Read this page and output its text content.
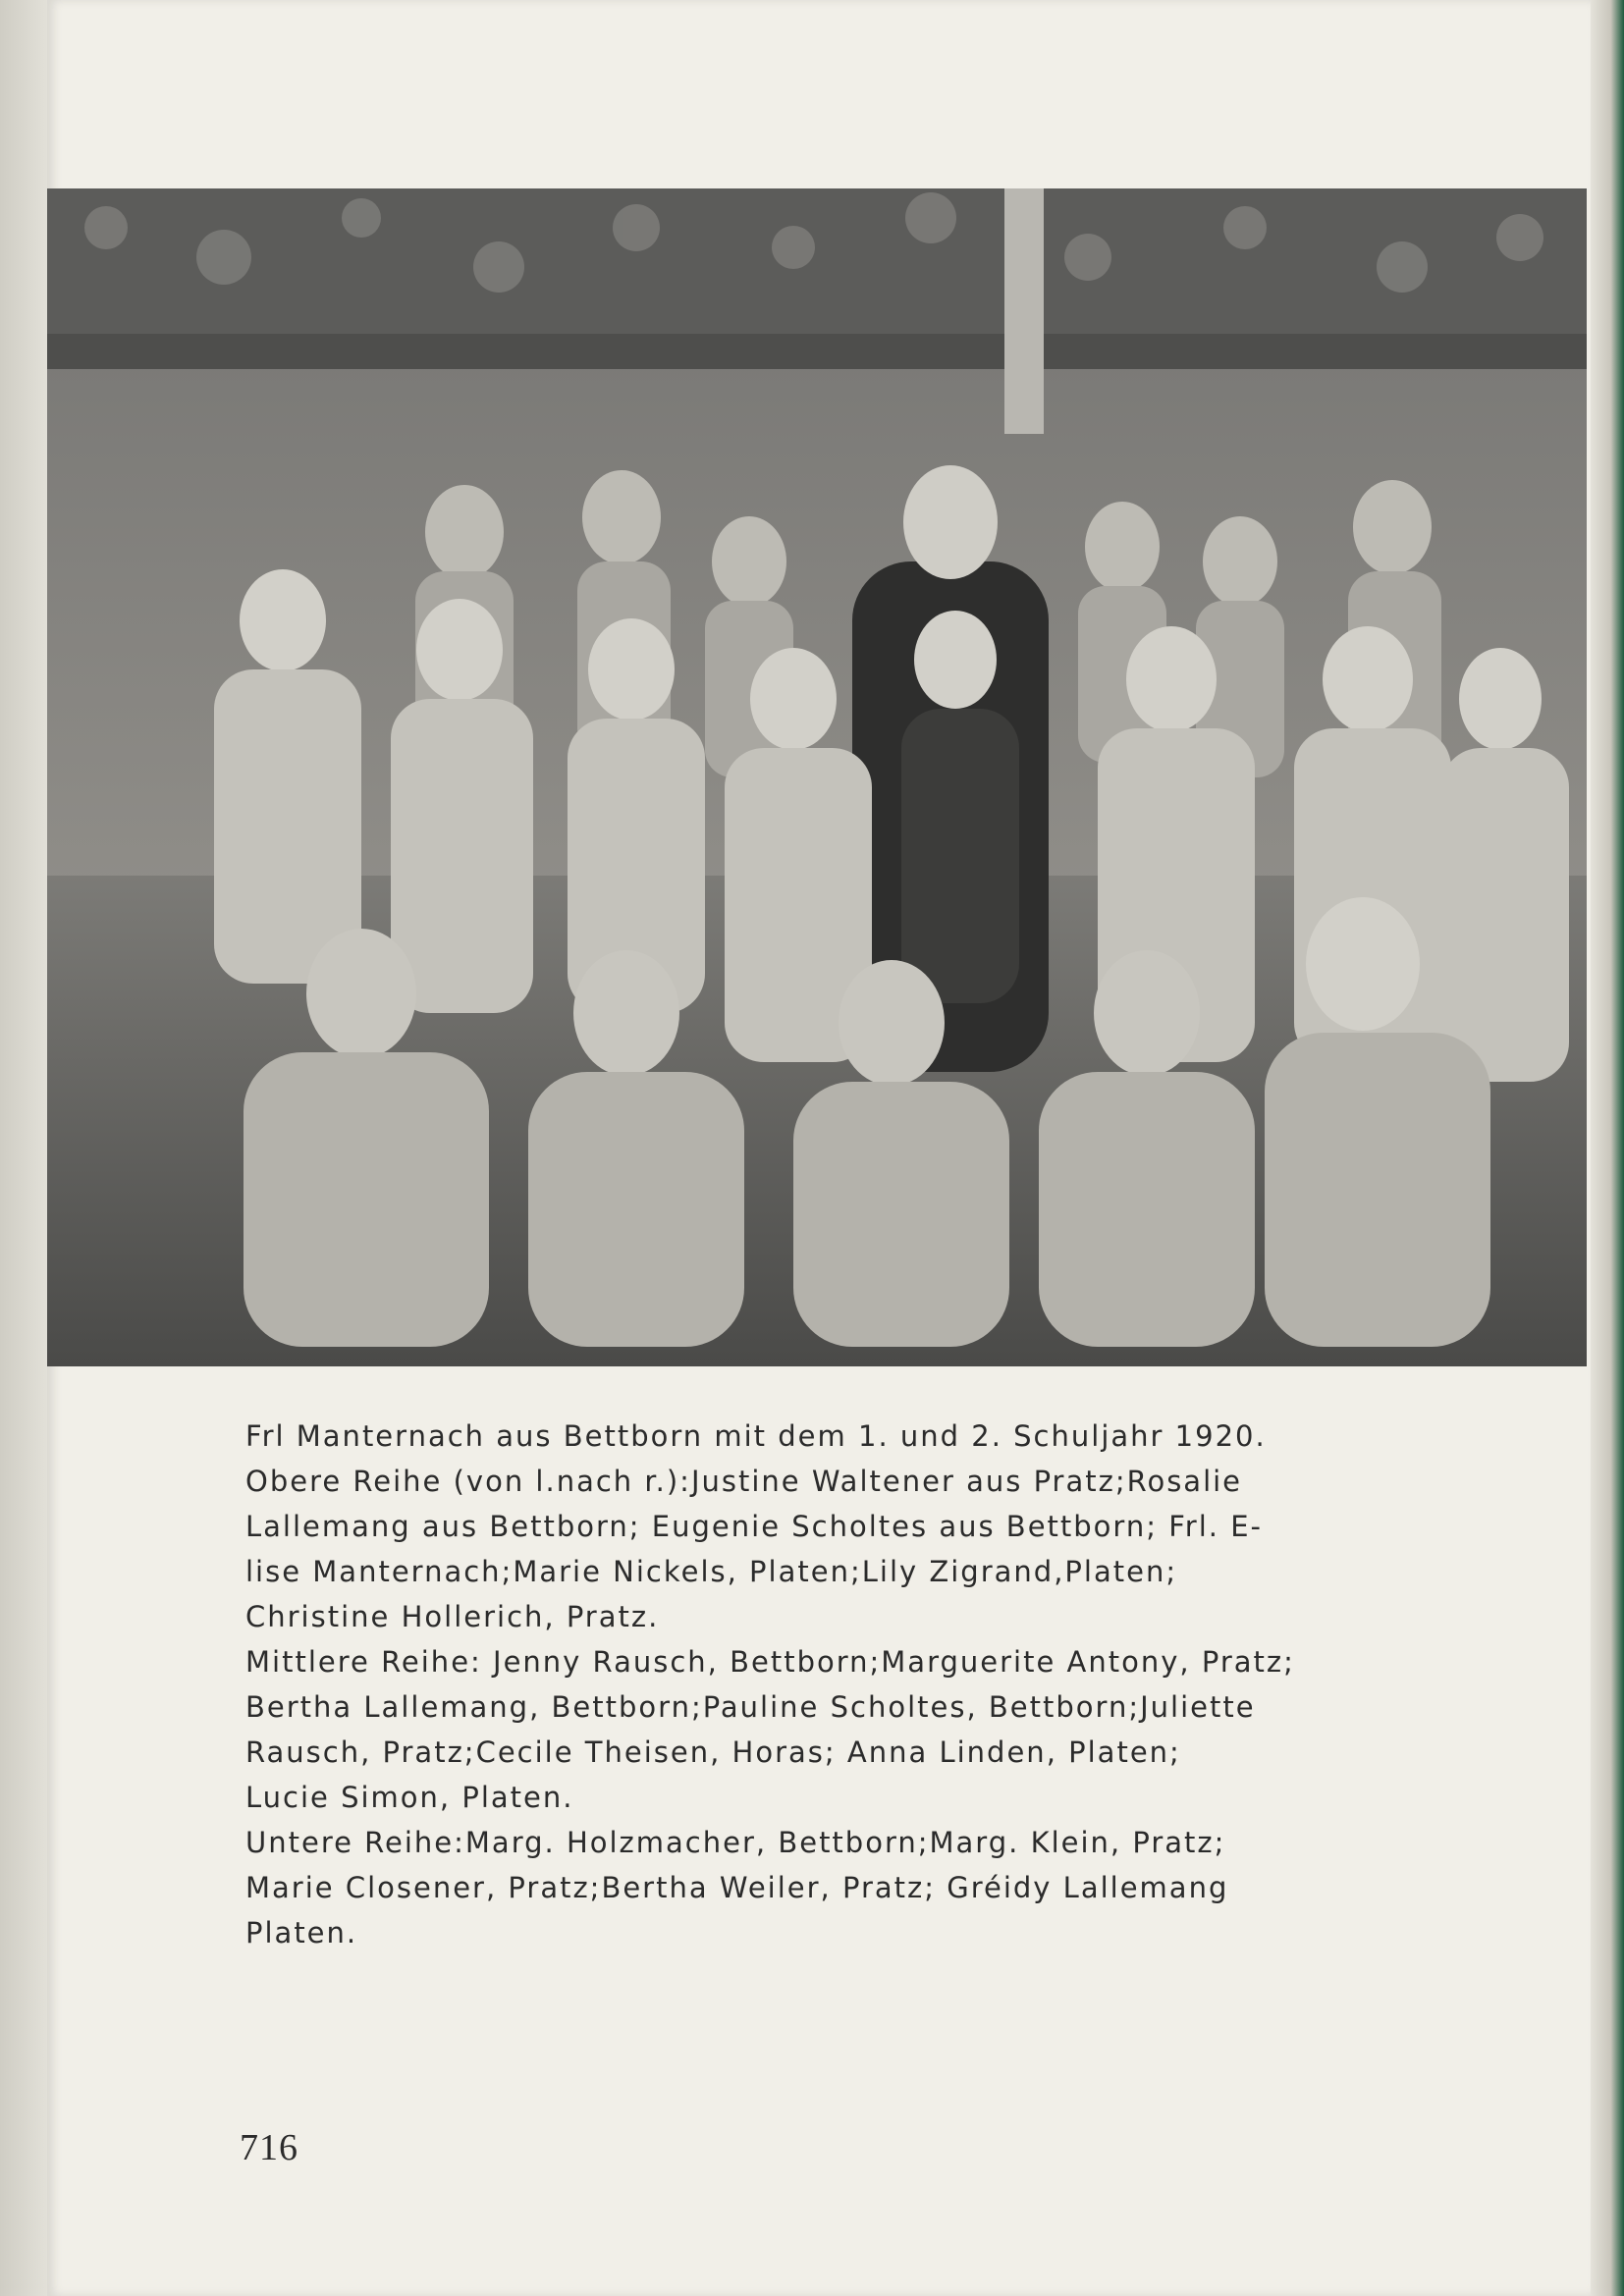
Frl Manternach aus Bettborn mit dem 1. und 2. Schuljahr 1920.

Obere Reihe (von l.nach r.):Justine Waltener aus Pratz;Rosalie

Lallemang aus Bettborn; Eugenie Scholtes aus Bettborn; Frl. E-

lise Manternach;Marie Nickels, Platen;Lily Zigrand,Platen;

Christine Hollerich, Pratz.

Mittlere Reihe: Jenny Rausch, Bettborn;Marguerite Antony, Pratz;

Bertha Lallemang, Bettborn;Pauline Scholtes, Bettborn;Juliette

Rausch, Pratz;Cecile Theisen, Horas; Anna Linden, Platen;

Lucie Simon, Platen.

Untere Reihe:Marg. Holzmacher, Bettborn;Marg. Klein, Pratz;

Marie Closener, Pratz;Bertha Weiler, Pratz; Gréidy Lallemang

Platen.

716
